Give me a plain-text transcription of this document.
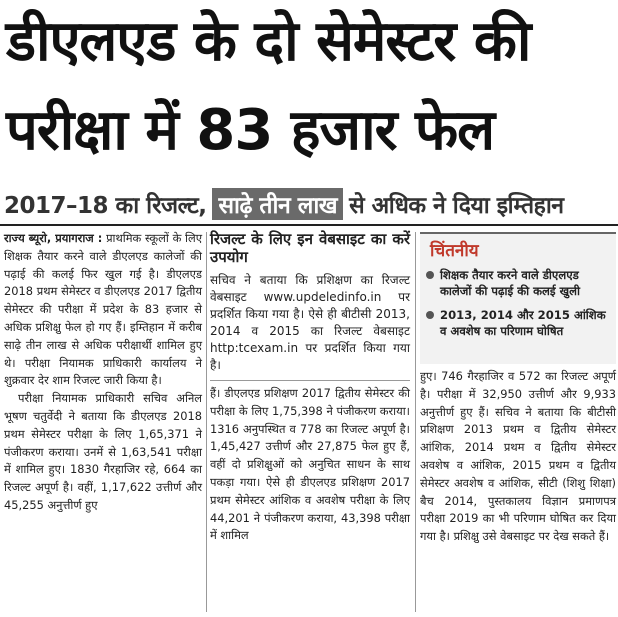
डीएलएड के दो सेमेस्टर की
परीक्षा में 83 हजार फेल
2017–18 का रिजल्ट, साढ़े तीन लाख से अधिक ने दिया इम्तिहान

राज्य ब्यूरो, प्रयागराज : प्राथमिक स्कूलों के लिए शिक्षक तैयार करने वाले डीएलएड कालेजों की पढ़ाई की कलई फिर खुल गई है। डीएलएड 2018 प्रथम सेमेस्टर व डीएलएड 2017 द्वितीय सेमेस्टर की परीक्षा में प्रदेश के 83 हजार से अधिक प्रशिक्षु फेल हो गए हैं। इम्तिहान में करीब साढ़े तीन लाख से अधिक परीक्षार्थी शामिल हुए थे। परीक्षा नियामक प्राधिकारी कार्यालय ने शुक्रवार देर शाम रिजल्ट जारी किया है।

परीक्षा नियामक प्राधिकारी सचिव अनिल भूषण चतुर्वेदी ने बताया कि डीएलएड 2018 प्रथम सेमेस्टर परीक्षा के लिए 1,65,371 ने पंजीकरण कराया। उनमें से 1,63,541 परीक्षा में शामिल हुए। 1830 गैरहाजिर रहे, 664 का रिजल्ट अपूर्ण है। वहीं, 1,17,622 उत्तीर्ण और 45,255 अनुत्तीर्ण हुए

रिजल्ट के लिए इन वेबसाइट का करें उपयोग
सचिव ने बताया कि प्रशिक्षण का रिजल्ट वेबसाइट www.updeledinfo.in पर प्रदर्शित किया गया है। ऐसे ही बीटीसी 2013, 2014 व 2015 का रिजल्ट वेबसाइट http:tcexam.in पर प्रदर्शित किया गया है।

हैं। डीएलएड प्रशिक्षण 2017 द्वितीय सेमेस्टर की परीक्षा के लिए 1,75,398 ने पंजीकरण कराया। 1316 अनुपस्थित व 778 का रिजल्ट अपूर्ण है। 1,45,427 उत्तीर्ण और 27,875 फेल हुए हैं, वहीं दो प्रशिक्षुओं को अनुचित साधन के साथ पकड़ा गया। ऐसे ही डीएलएड प्रशिक्षण 2017 प्रथम सेमेस्टर आंशिक व अवशेष परीक्षा के लिए 44,201 ने पंजीकरण कराया, 43,398 परीक्षा में शामिल

चिंतनीय
शिक्षक तैयार करने वाले डीएलएड कालेजों की पढ़ाई की कलई खुली
2013, 2014 और 2015 आंशिक व अवशेष का परिणाम घोषित

हुए। 746 गैरहाजिर व 572 का रिजल्ट अपूर्ण है। परीक्षा में 32,950 उत्तीर्ण और 9,933 अनुत्तीर्ण हुए हैं। सचिव ने बताया कि बीटीसी प्रशिक्षण 2013 प्रथम व द्वितीय सेमेस्टर आंशिक, 2014 प्रथम व द्वितीय सेमेस्टर अवशेष व आंशिक, 2015 प्रथम व द्वितीय सेमेस्टर अवशेष व आंशिक, सीटी (शिशु शिक्षा) बैच 2014, पुस्तकालय विज्ञान प्रमाणपत्र परीक्षा 2019 का भी परिणाम घोषित कर दिया गया है। प्रशिक्षु उसे वेबसाइट पर देख सकते हैं।
